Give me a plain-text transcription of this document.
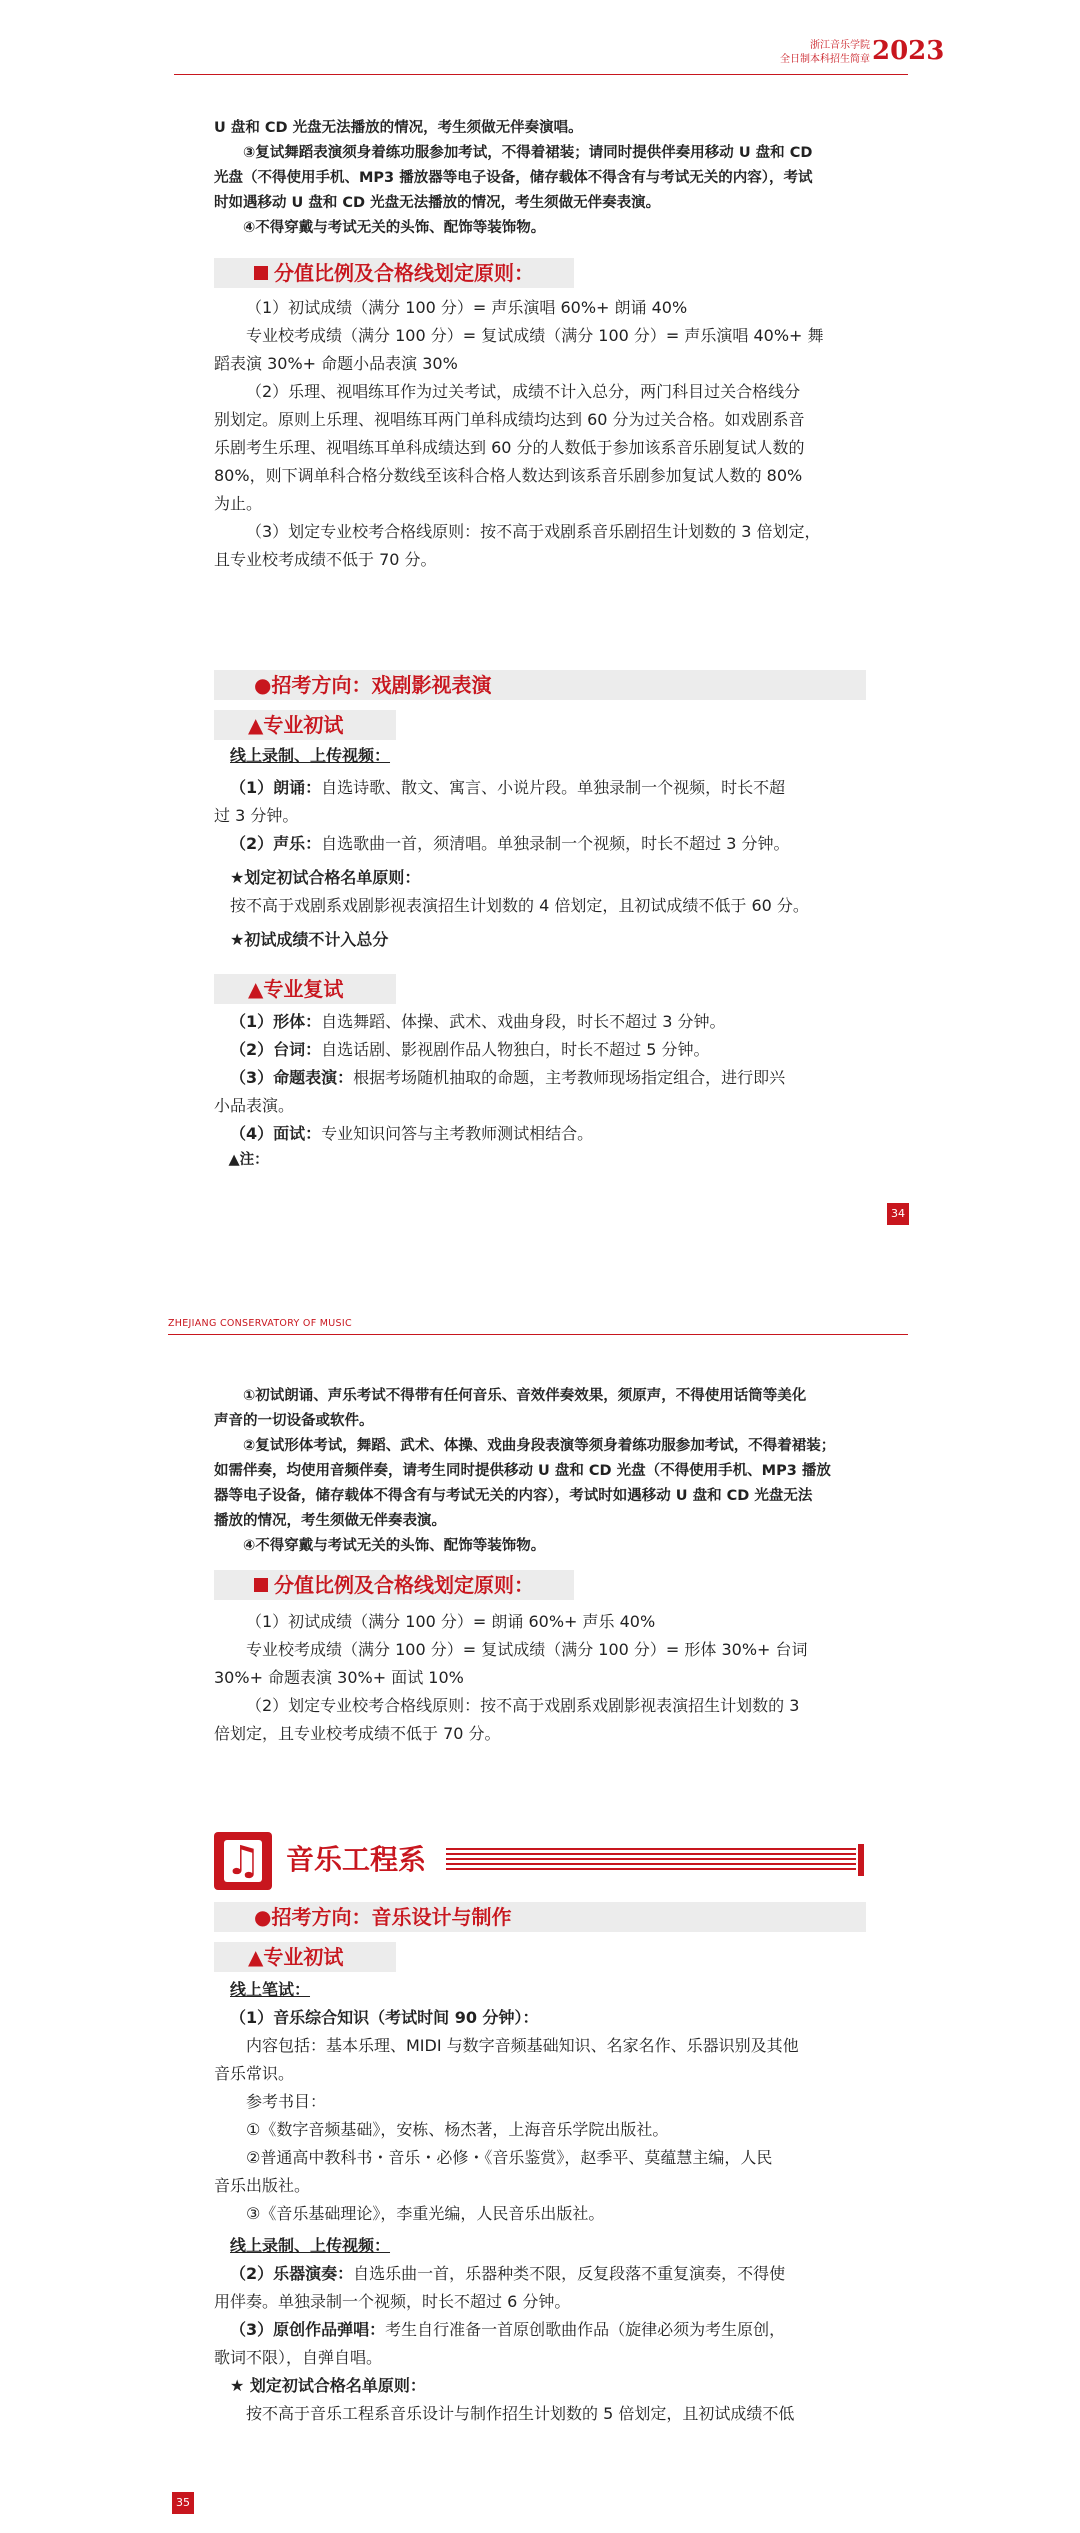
浙江音乐学院
全日制本科招生简章 2023

U 盘和 CD 光盘无法播放的情况，考生须做无伴奏演唱。

③复试舞蹈表演须身着练功服参加考试，不得着裙装；请同时提供伴奏用移动 U 盘和 CD

光盘（不得使用手机、MP3 播放器等电子设备，储存载体不得含有与考试无关的内容），考试

时如遇移动 U 盘和 CD 光盘无法播放的情况，考生须做无伴奏表演。

④不得穿戴与考试无关的头饰、配饰等装饰物。

分值比例及合格线划定原则：

（1）初试成绩（满分 100 分）= 声乐演唱 60%+ 朗诵 40%

专业校考成绩（满分 100 分）= 复试成绩（满分 100 分）= 声乐演唱 40%+ 舞

蹈表演 30%+ 命题小品表演 30%

（2）乐理、视唱练耳作为过关考试，成绩不计入总分，两门科目过关合格线分

别划定。原则上乐理、视唱练耳两门单科成绩均达到 60 分为过关合格。如戏剧系音

乐剧考生乐理、视唱练耳单科成绩达到 60 分的人数低于参加该系音乐剧复试人数的

80%，则下调单科合格分数线至该科合格人数达到该系音乐剧参加复试人数的 80%

为止。

（3）划定专业校考合格线原则：按不高于戏剧系音乐剧招生计划数的 3 倍划定，

且专业校考成绩不低于 70 分。

●招考方向：戏剧影视表演
▲专业初试

线上录制、上传视频：

（1）朗诵：自选诗歌、散文、寓言、小说片段。单独录制一个视频，时长不超

过 3 分钟。

（2）声乐：自选歌曲一首，须清唱。单独录制一个视频，时长不超过 3 分钟。

★划定初试合格名单原则：

按不高于戏剧系戏剧影视表演招生计划数的 4 倍划定，且初试成绩不低于 60 分。

★初试成绩不计入总分

▲专业复试

（1）形体：自选舞蹈、体操、武术、戏曲身段，时长不超过 3 分钟。

（2）台词：自选话剧、影视剧作品人物独白，时长不超过 5 分钟。

（3）命题表演：根据考场随机抽取的命题，主考教师现场指定组合，进行即兴

小品表演。

（4）面试：专业知识问答与主考教师测试相结合。

▲注：

34
ZHEJIANG CONSERVATORY OF MUSIC

①初试朗诵、声乐考试不得带有任何音乐、音效伴奏效果，须原声，不得使用话筒等美化

声音的一切设备或软件。

②复试形体考试，舞蹈、武术、体操、戏曲身段表演等须身着练功服参加考试，不得着裙装；

如需伴奏，均使用音频伴奏，请考生同时提供移动 U 盘和 CD 光盘（不得使用手机、MP3 播放

器等电子设备，储存载体不得含有与考试无关的内容），考试时如遇移动 U 盘和 CD 光盘无法

播放的情况，考生须做无伴奏表演。

④不得穿戴与考试无关的头饰、配饰等装饰物。

分值比例及合格线划定原则：

（1）初试成绩（满分 100 分）= 朗诵 60%+ 声乐 40%

专业校考成绩（满分 100 分）= 复试成绩（满分 100 分）= 形体 30%+ 台词

30%+ 命题表演 30%+ 面试 10%

（2）划定专业校考合格线原则：按不高于戏剧系戏剧影视表演招生计划数的 3

倍划定，且专业校考成绩不低于 70 分。

♫ 音乐工程系
●招考方向：音乐设计与制作
▲专业初试

线上笔试：

（1）音乐综合知识（考试时间 90 分钟）：

内容包括：基本乐理、MIDI 与数字音频基础知识、名家名作、乐器识别及其他

音乐常识。

参考书目：

①《数字音频基础》，安栋、杨杰著，上海音乐学院出版社。

②普通高中教科书・音乐・必修・《音乐鉴赏》，赵季平、莫蕴慧主编，人民

音乐出版社。

③《音乐基础理论》，李重光编，人民音乐出版社。

线上录制、上传视频：

（2）乐器演奏：自选乐曲一首，乐器种类不限，反复段落不重复演奏，不得使

用伴奏。单独录制一个视频，时长不超过 6 分钟。

（3）原创作品弹唱：考生自行准备一首原创歌曲作品（旋律必须为考生原创，

歌词不限），自弹自唱。

★ 划定初试合格名单原则：

按不高于音乐工程系音乐设计与制作招生计划数的 5 倍划定，且初试成绩不低

35
